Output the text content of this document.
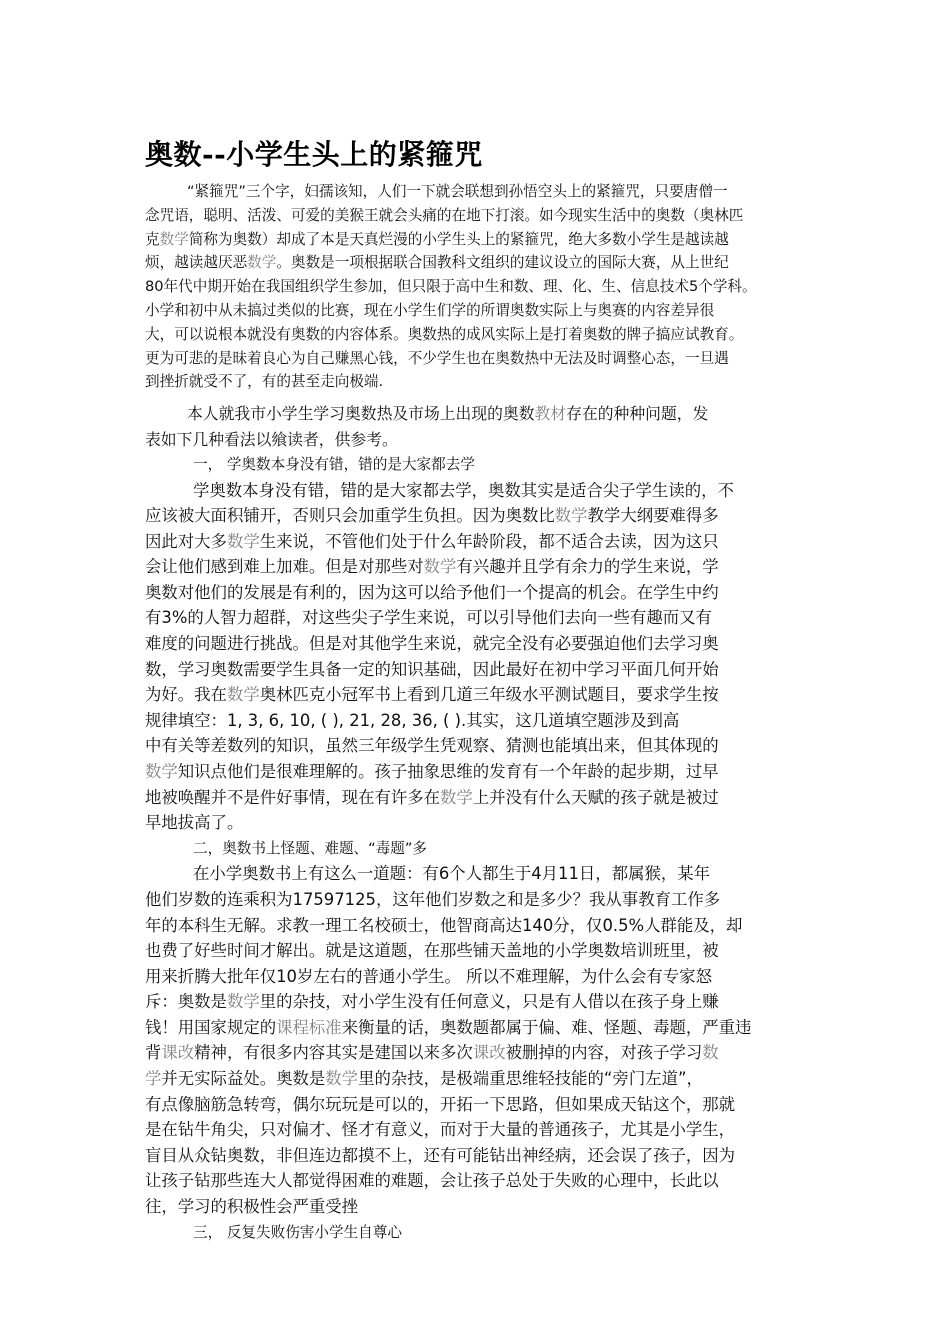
奥数--小学生头上的紧箍咒
“紧箍咒”三个字，妇孺该知，人们一下就会联想到孙悟空头上的紧箍咒，只要唐僧一
念咒语，聪明、活泼、可爱的美猴王就会头痛的在地下打滚。如今现实生活中的奥数（奥林匹
克数学简称为奥数）却成了本是天真烂漫的小学生头上的紧箍咒，绝大多数小学生是越读越
烦，越读越厌恶数学。奥数是一项根据联合国教科文组织的建议设立的国际大赛，从上世纪
80年代中期开始在我国组织学生参加，但只限于高中生和数、理、化、生、信息技术5个学科。
小学和初中从未搞过类似的比赛，现在小学生们学的所谓奥数实际上与奥赛的内容差异很
大，可以说根本就没有奥数的内容体系。奥数热的成风实际上是打着奥数的牌子搞应试教育。
更为可悲的是昧着良心为自己赚黑心钱，不少学生也在奥数热中无法及时调整心态，一旦遇
到挫折就受不了，有的甚至走向极端.
本人就我市小学生学习奥数热及市场上出现的奥数教材存在的种种问题，发
表如下几种看法以飨读者，供参考。
一， 学奥数本身没有错，错的是大家都去学
学奥数本身没有错，错的是大家都去学，奥数其实是适合尖子学生读的，不
应该被大面积铺开，否则只会加重学生负担。因为奥数比数学教学大纲要难得多
因此对大多数学生来说，不管他们处于什么年龄阶段，都不适合去读，因为这只
会让他们感到难上加难。但是对那些对数学有兴趣并且学有余力的学生来说，学
奥数对他们的发展是有利的，因为这可以给予他们一个提高的机会。在学生中约
有3%的人智力超群，对这些尖子学生来说，可以引导他们去向一些有趣而又有
难度的问题进行挑战。但是对其他学生来说，就完全没有必要强迫他们去学习奥
数，学习奥数需要学生具备一定的知识基础，因此最好在初中学习平面几何开始
为好。我在数学奥林匹克小冠军书上看到几道三年级水平测试题目，要求学生按
规律填空：1, 3, 6, 10, ( ), 21, 28, 36, ( ).其实，这几道填空题涉及到高
中有关等差数列的知识，虽然三年级学生凭观察、猜测也能填出来，但其体现的
数学知识点他们是很难理解的。孩子抽象思维的发育有一个年龄的起步期，过早
地被唤醒并不是件好事情，现在有许多在数学上并没有什么天赋的孩子就是被过
早地拔高了。
二，奥数书上怪题、难题、“毒题”多
在小学奥数书上有这么一道题：有6个人都生于4月11日，都属猴，某年
他们岁数的连乘积为17597125，这年他们岁数之和是多少？我从事教育工作多
年的本科生无解。求教一理工名校硕士，他智商高达140分，仅0.5%人群能及，却
也费了好些时间才解出。就是这道题，在那些铺天盖地的小学奥数培训班里，被
用来折腾大批年仅10岁左右的普通小学生。 所以不难理解，为什么会有专家怒
斥：奥数是数学里的杂技，对小学生没有任何意义，只是有人借以在孩子身上赚
钱！用国家规定的课程标准来衡量的话，奥数题都属于偏、难、怪题、毒题，严重违
背课改精神，有很多内容其实是建国以来多次课改被删掉的内容，对孩子学习数
学并无实际益处。奥数是数学里的杂技，是极端重思维轻技能的“旁门左道”，
有点像脑筋急转弯，偶尔玩玩是可以的，开拓一下思路，但如果成天钻这个，那就
是在钻牛角尖，只对偏才、怪才有意义，而对于大量的普通孩子，尤其是小学生，
盲目从众钻奥数，非但连边都摸不上，还有可能钻出神经病，还会误了孩子，因为
让孩子钻那些连大人都觉得困难的难题，会让孩子总处于失败的心理中，长此以
往，学习的积极性会严重受挫
三， 反复失败伤害小学生自尊心
